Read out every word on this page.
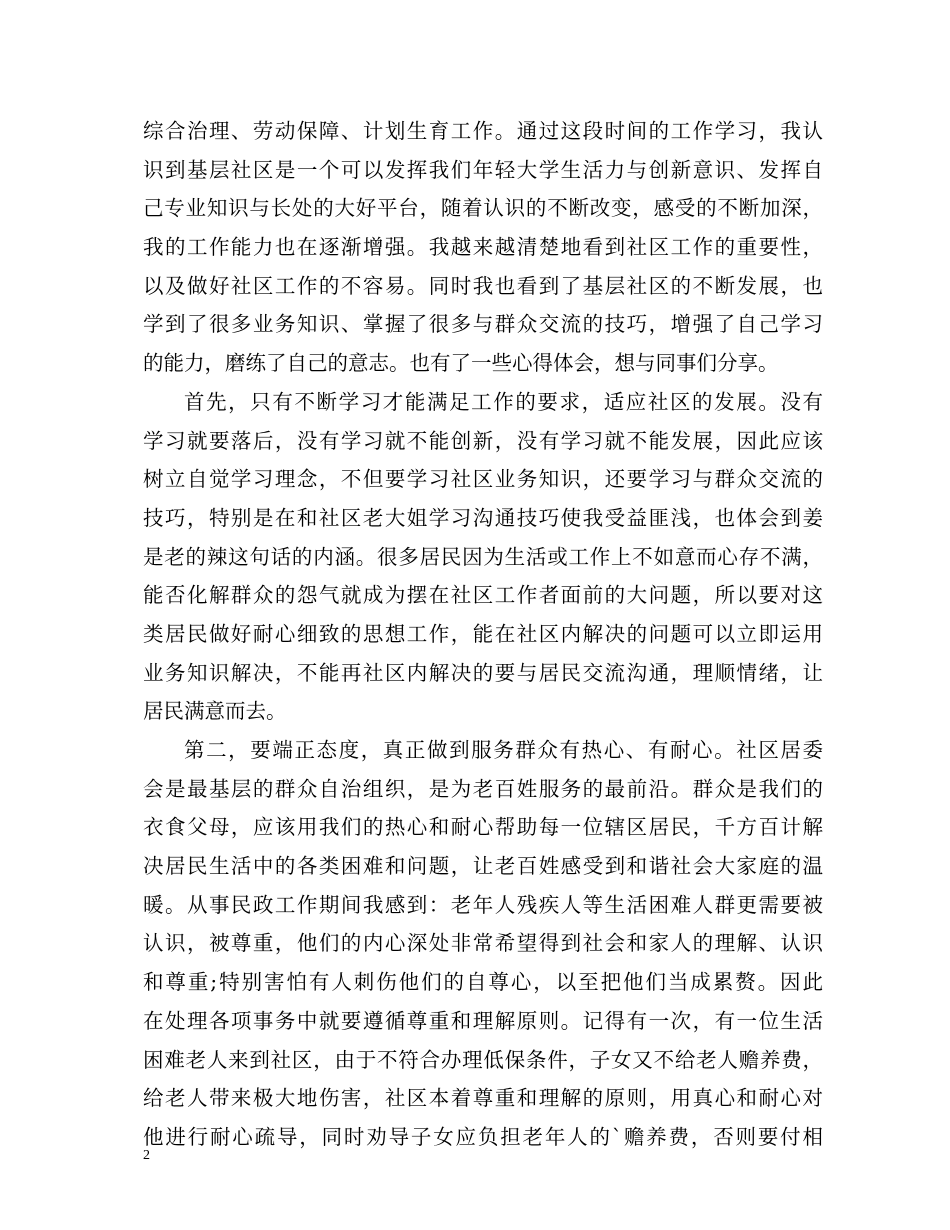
综合治理、劳动保障、计划生育工作。通过这段时间的工作学习，我认
识到基层社区是一个可以发挥我们年轻大学生活力与创新意识、发挥自
己专业知识与长处的大好平台，随着认识的不断改变，感受的不断加深，
我的工作能力也在逐渐增强。我越来越清楚地看到社区工作的重要性，
以及做好社区工作的不容易。同时我也看到了基层社区的不断发展，也
学到了很多业务知识、掌握了很多与群众交流的技巧，增强了自己学习
的能力，磨练了自己的意志。也有了一些心得体会，想与同事们分享。
首先，只有不断学习才能满足工作的要求，适应社区的发展。没有
学习就要落后，没有学习就不能创新，没有学习就不能发展，因此应该
树立自觉学习理念，不但要学习社区业务知识，还要学习与群众交流的
技巧，特别是在和社区老大姐学习沟通技巧使我受益匪浅，也体会到姜
是老的辣这句话的内涵。很多居民因为生活或工作上不如意而心存不满，
能否化解群众的怨气就成为摆在社区工作者面前的大问题，所以要对这
类居民做好耐心细致的思想工作，能在社区内解决的问题可以立即运用
业务知识解决，不能再社区内解决的要与居民交流沟通，理顺情绪，让
居民满意而去。
第二，要端正态度，真正做到服务群众有热心、有耐心。社区居委
会是最基层的群众自治组织，是为老百姓服务的最前沿。群众是我们的
衣食父母，应该用我们的热心和耐心帮助每一位辖区居民，千方百计解
决居民生活中的各类困难和问题，让老百姓感受到和谐社会大家庭的温
暖。从事民政工作期间我感到：老年人残疾人等生活困难人群更需要被
认识，被尊重，他们的内心深处非常希望得到社会和家人的理解、认识
和尊重;特别害怕有人刺伤他们的自尊心，以至把他们当成累赘。因此
在处理各项事务中就要遵循尊重和理解原则。记得有一次，有一位生活
困难老人来到社区，由于不符合办理低保条件，子女又不给老人赡养费，
给老人带来极大地伤害，社区本着尊重和理解的原则，用真心和耐心对
他进行耐心疏导，同时劝导子女应负担老年人的`赡养费，否则要付相
2
